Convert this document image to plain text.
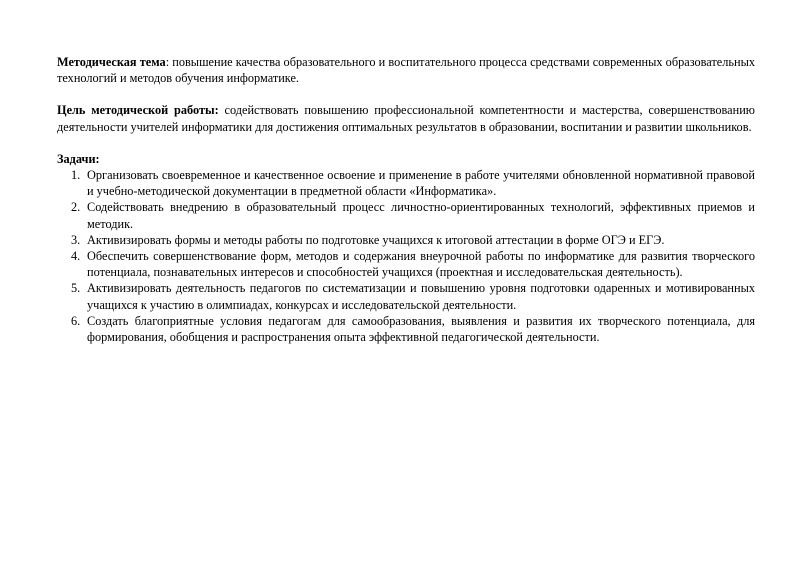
Методическая тема: повышение качества образовательного и воспитательного процесса средствами современных образовательных технологий и методов обучения информатике.

Цель методической работы: содействовать повышению профессиональной компетентности и мастерства, совершенствованию деятельности учителей информатики для достижения оптимальных результатов в образовании, воспитании и развитии школьников.

Задачи:

1. Организовать своевременное и качественное освоение и применение в работе учителями обновленной нормативной правовой и учебно-методической документации в предметной области «Информатика».
2. Содействовать внедрению в образовательный процесс личностно-ориентированных технологий, эффективных приемов и методик.
3. Активизировать формы и методы работы по подготовке учащихся к итоговой аттестации в форме ОГЭ и ЕГЭ.
4. Обеспечить совершенствование форм, методов и содержания внеурочной работы по информатике для развития творческого потенциала, познавательных интересов и способностей учащихся (проектная и исследовательская деятельность).
5. Активизировать деятельность педагогов по систематизации и повышению уровня подготовки одаренных и мотивированных учащихся к участию в олимпиадах, конкурсах и исследовательской деятельности.
6. Создать благоприятные условия педагогам для самообразования, выявления и развития их творческого потенциала, для формирования, обобщения и распространения опыта эффективной педагогической деятельности.
